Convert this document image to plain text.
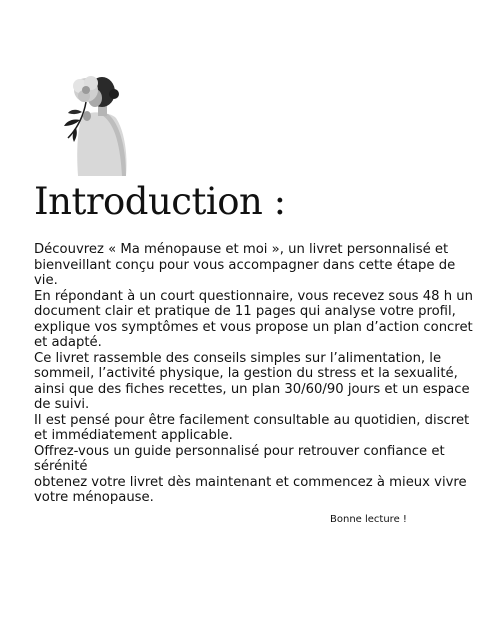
Introduction :

Découvrez « Ma ménopause et moi », un livret personnalisé et bienveillant conçu pour vous accompagner dans cette étape de vie.

En répondant à un court questionnaire, vous recevez sous 48 h un document clair et pratique de 11 pages qui analyse votre profil, explique vos symptômes et vous propose un plan d’action concret et adapté.

Ce livret rassemble des conseils simples sur l’alimentation, le sommeil, l’activité physique, la gestion du stress et la sexualité, ainsi que des fiches recettes, un plan 30/60/90 jours et un espace de suivi.

Il est pensé pour être facilement consultable au quotidien, discret et immédiatement applicable.

Offrez-vous un guide personnalisé pour retrouver confiance et sérénité

obtenez votre livret dès maintenant et commencez à mieux vivre votre ménopause.

Bonne lecture !
